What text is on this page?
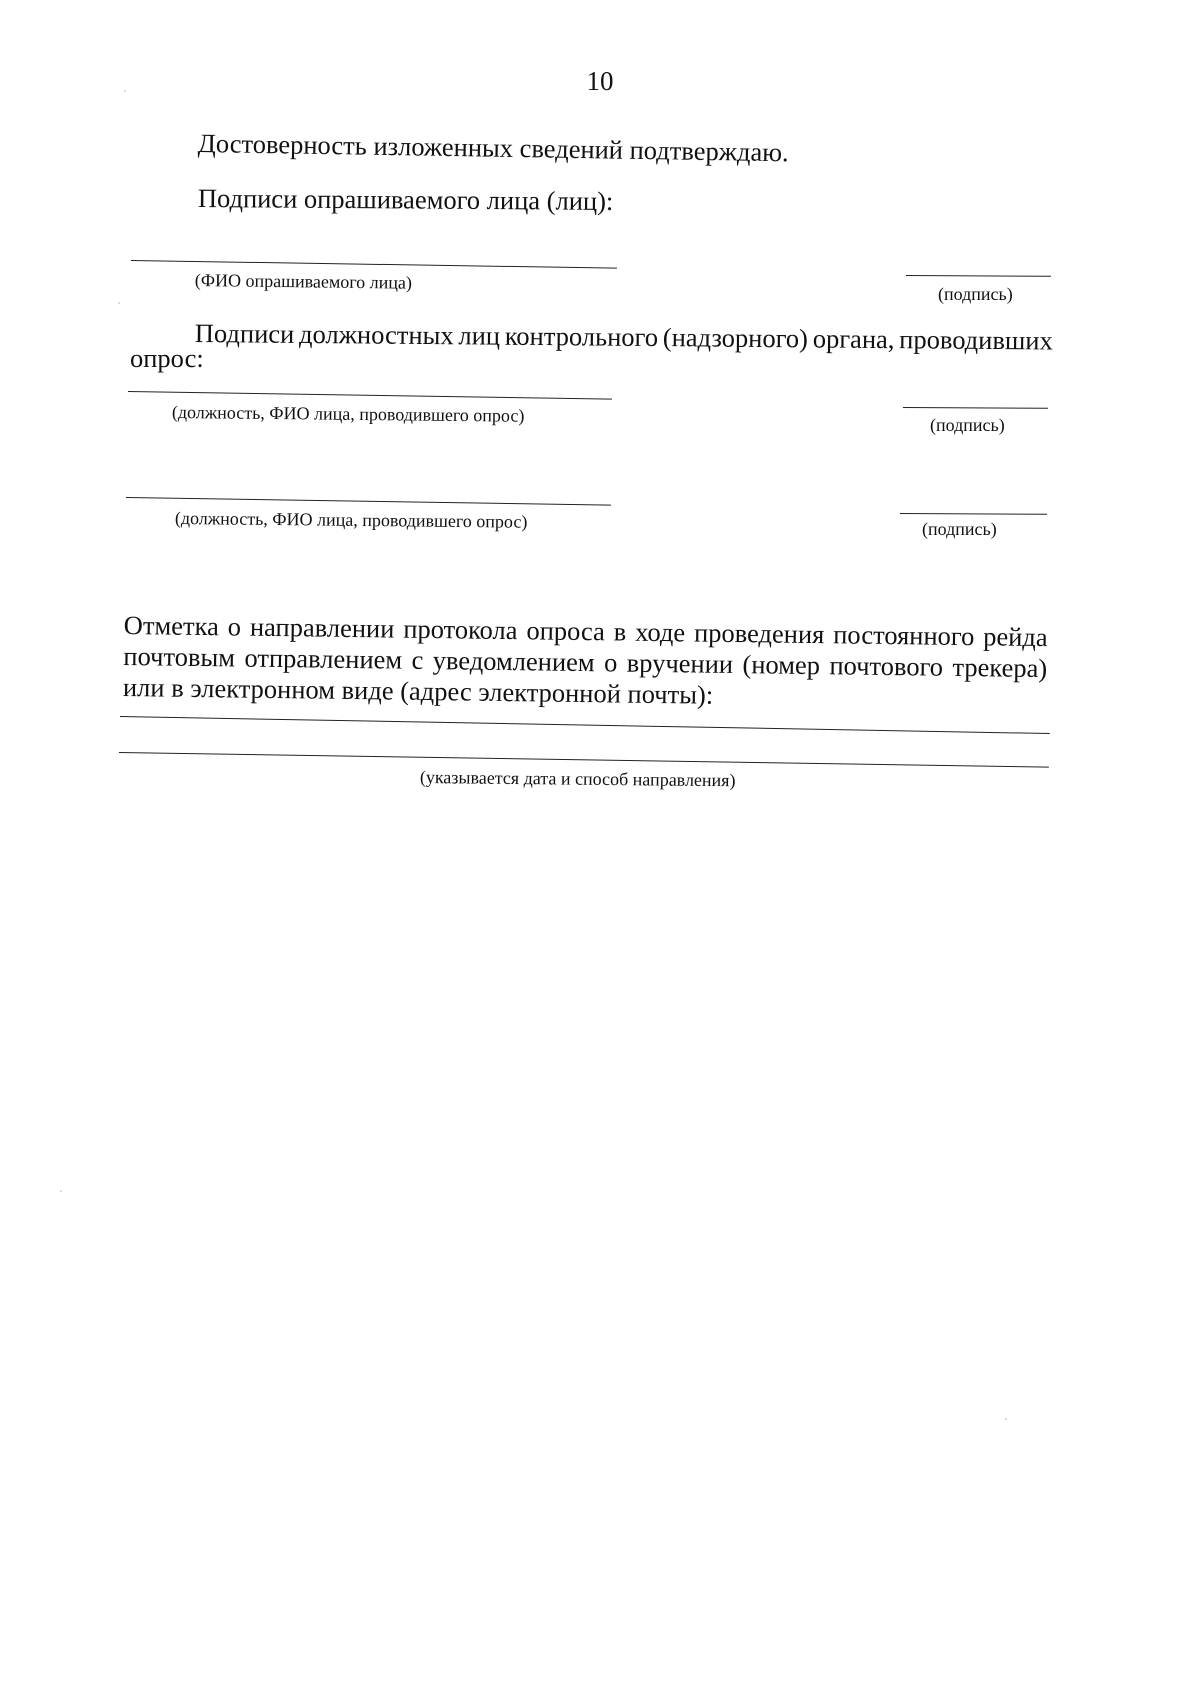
10
Достоверность изложенных сведений подтверждаю.
Подписи опрашиваемого лица (лиц):
(ФИО опрашиваемого лица)
(подпись)
Подписи должностных лиц контрольного (надзорного) органа, проводивших
опрос:
(должность, ФИО лица, проводившего опрос)	(подпись)
(должность, ФИО лица, проводившего опрос)	(подпись)
Отметка о направлении протокола опроса в ходе проведения постоянного рейда
почтовым отправлением с уведомлением о вручении (номер почтового трекера)
или в электронном виде (адрес электронной почты):
(указывается дата и способ направления)
